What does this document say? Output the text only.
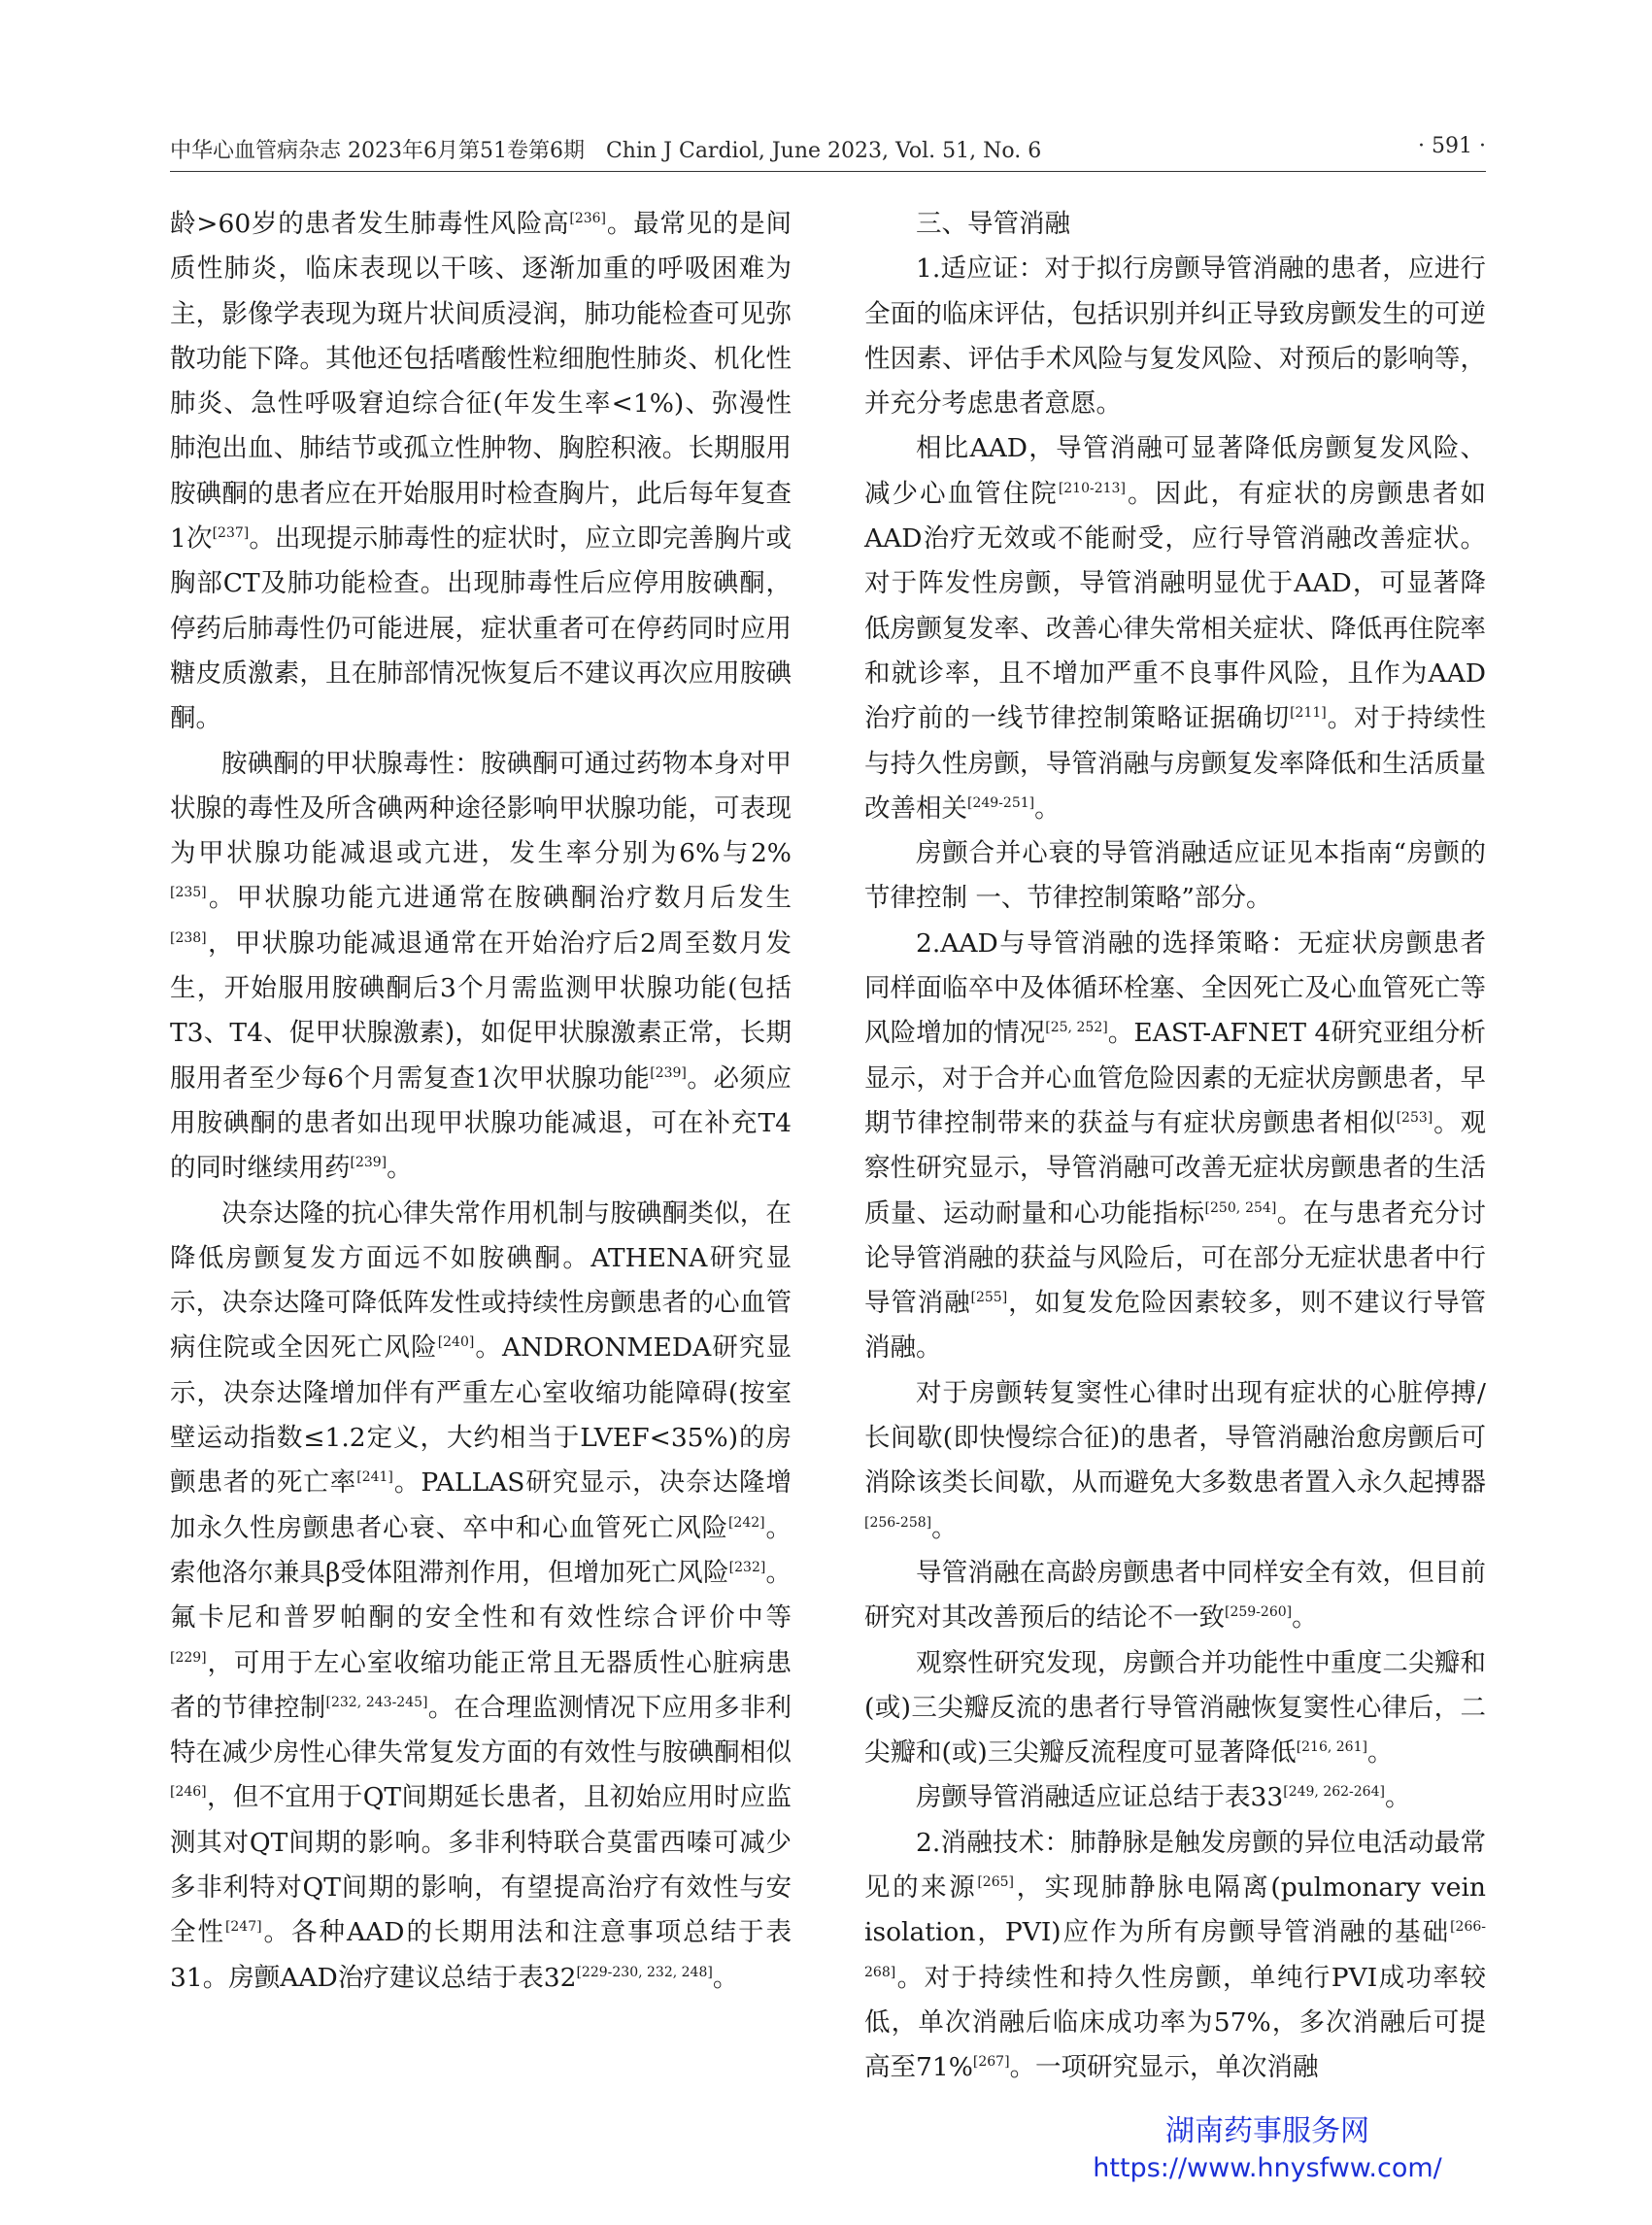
中华心血管病杂志 2023年6月第51卷第6期　Chin J Cardiol, June 2023, Vol. 51, No. 6	· 591 ·

龄>60岁的患者发生肺毒性风险高[236]。最常见的是间质性肺炎，临床表现以干咳、逐渐加重的呼吸困难为主，影像学表现为斑片状间质浸润，肺功能检查可见弥散功能下降。其他还包括嗜酸性粒细胞性肺炎、机化性肺炎、急性呼吸窘迫综合征(年发生率<1%)、弥漫性肺泡出血、肺结节或孤立性肿物、胸腔积液。长期服用胺碘酮的患者应在开始服用时检查胸片，此后每年复查1次[237]。出现提示肺毒性的症状时，应立即完善胸片或胸部CT及肺功能检查。出现肺毒性后应停用胺碘酮，停药后肺毒性仍可能进展，症状重者可在停药同时应用糖皮质激素，且在肺部情况恢复后不建议再次应用胺碘酮。

胺碘酮的甲状腺毒性：胺碘酮可通过药物本身对甲状腺的毒性及所含碘两种途径影响甲状腺功能，可表现为甲状腺功能减退或亢进，发生率分别为6%与2%[235]。甲状腺功能亢进通常在胺碘酮治疗数月后发生[238]，甲状腺功能减退通常在开始治疗后2周至数月发生，开始服用胺碘酮后3个月需监测甲状腺功能(包括T3、T4、促甲状腺激素)，如促甲状腺激素正常，长期服用者至少每6个月需复查1次甲状腺功能[239]。必须应用胺碘酮的患者如出现甲状腺功能减退，可在补充T4的同时继续用药[239]。

决奈达隆的抗心律失常作用机制与胺碘酮类似，在降低房颤复发方面远不如胺碘酮。ATHENA研究显示，决奈达隆可降低阵发性或持续性房颤患者的心血管病住院或全因死亡风险[240]。ANDRONMEDA研究显示，决奈达隆增加伴有严重左心室收缩功能障碍(按室壁运动指数≤1.2定义，大约相当于LVEF<35%)的房颤患者的死亡率[241]。PALLAS研究显示，决奈达隆增加永久性房颤患者心衰、卒中和心血管死亡风险[242]。索他洛尔兼具β受体阻滞剂作用，但增加死亡风险[232]。氟卡尼和普罗帕酮的安全性和有效性综合评价中等[229]，可用于左心室收缩功能正常且无器质性心脏病患者的节律控制[232, 243-245]。在合理监测情况下应用多非利特在减少房性心律失常复发方面的有效性与胺碘酮相似[246]，但不宜用于QT间期延长患者，且初始应用时应监测其对QT间期的影响。多非利特联合莫雷西嗪可减少多非利特对QT间期的影响，有望提高治疗有效性与安全性[247]。各种AAD的长期用法和注意事项总结于表31。房颤AAD治疗建议总结于表32[229-230, 232, 248]。

三、导管消融

1.适应证：对于拟行房颤导管消融的患者，应进行全面的临床评估，包括识别并纠正导致房颤发生的可逆性因素、评估手术风险与复发风险、对预后的影响等，并充分考虑患者意愿。

相比AAD，导管消融可显著降低房颤复发风险、减少心血管住院[210-213]。因此，有症状的房颤患者如AAD治疗无效或不能耐受，应行导管消融改善症状。对于阵发性房颤，导管消融明显优于AAD，可显著降低房颤复发率、改善心律失常相关症状、降低再住院率和就诊率，且不增加严重不良事件风险，且作为AAD治疗前的一线节律控制策略证据确切[211]。对于持续性与持久性房颤，导管消融与房颤复发率降低和生活质量改善相关[249-251]。

房颤合并心衰的导管消融适应证见本指南“房颤的节律控制 一、节律控制策略”部分。

2.AAD与导管消融的选择策略：无症状房颤患者同样面临卒中及体循环栓塞、全因死亡及心血管死亡等风险增加的情况[25, 252]。EAST-AFNET 4研究亚组分析显示，对于合并心血管危险因素的无症状房颤患者，早期节律控制带来的获益与有症状房颤患者相似[253]。观察性研究显示，导管消融可改善无症状房颤患者的生活质量、运动耐量和心功能指标[250, 254]。在与患者充分讨论导管消融的获益与风险后，可在部分无症状患者中行导管消融[255]，如复发危险因素较多，则不建议行导管消融。

对于房颤转复窦性心律时出现有症状的心脏停搏/长间歇(即快慢综合征)的患者，导管消融治愈房颤后可消除该类长间歇，从而避免大多数患者置入永久起搏器[256-258]。

导管消融在高龄房颤患者中同样安全有效，但目前研究对其改善预后的结论不一致[259-260]。

观察性研究发现，房颤合并功能性中重度二尖瓣和(或)三尖瓣反流的患者行导管消融恢复窦性心律后，二尖瓣和(或)三尖瓣反流程度可显著降低[216, 261]。

房颤导管消融适应证总结于表33[249, 262-264]。

2.消融技术：肺静脉是触发房颤的异位电活动最常见的来源[265]，实现肺静脉电隔离(pulmonary vein isolation，PVI)应作为所有房颤导管消融的基础[266-268]。对于持续性和持久性房颤，单纯行PVI成功率较低，单次消融后临床成功率为57%，多次消融后可提高至71%[267]。一项研究显示，单次消融

湖南药事服务网
https://www.hnysfww.com/
